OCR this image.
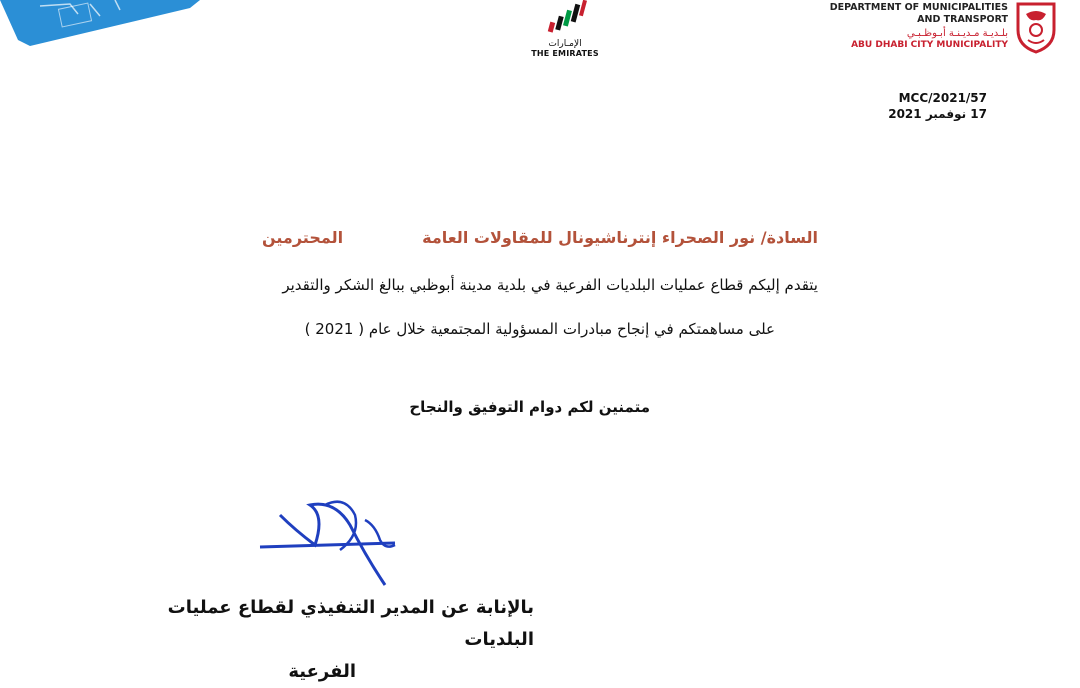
الإمـارات
THE EMIRATES
DEPARTMENT OF MUNICIPALITIES
AND TRANSPORT
بلـديـة مـديـنـة أبـوظـبـي
ABU DHABI CITY MUNICIPALITY
MCC/2021/57
17 نوفمبر 2021
السادة/ نور الصحراء إنترناشيونال للمقاولات العامة
المحترمين
يتقدم إليكم قطاع عمليات البلديات الفرعية في بلدية مدينة أبوظبي ببالغ الشكر والتقدير
على مساهمتكم في إنجاح مبادرات المسؤولية المجتمعية خلال عام ( 2021 )
متمنين لكم دوام التوفيق والنجاح
بالإنابة عن المدير التنفيذي لقطاع عمليات البلديات
الفرعية
